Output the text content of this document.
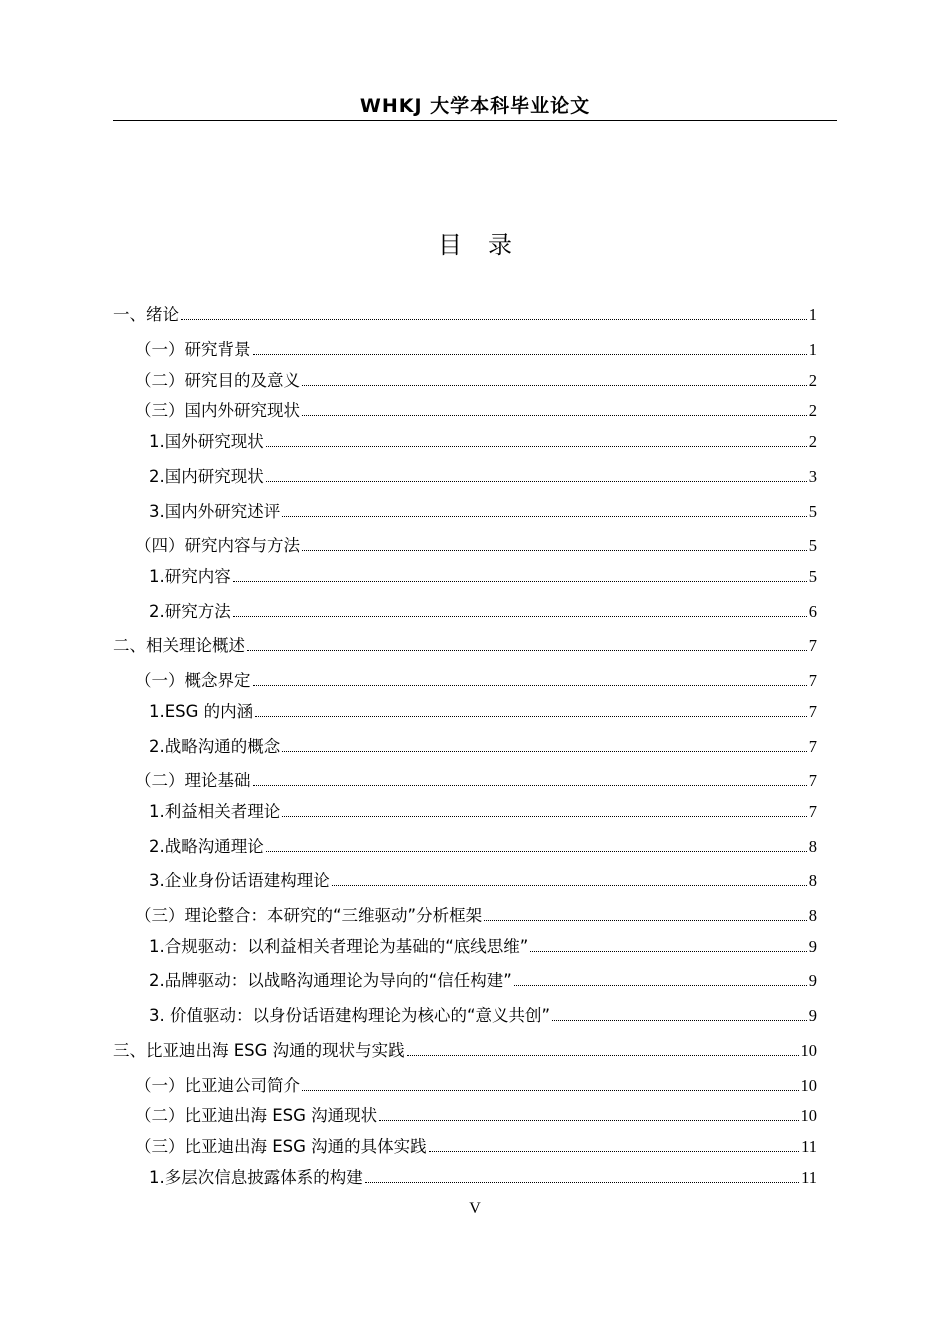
WHKJ 大学本科毕业论文
目录
一、绪论	1
（一）研究背景	1
（二）研究目的及意义	2
（三）国内外研究现状	2
1.国外研究现状	2
2.国内研究现状	3
3.国内外研究述评	5
（四）研究内容与方法	5
1.研究内容	5
2.研究方法	6
二、相关理论概述	7
（一）概念界定	7
1.ESG 的内涵	7
2.战略沟通的概念	7
（二）理论基础	7
1.利益相关者理论	7
2.战略沟通理论	8
3.企业身份话语建构理论	8
（三）理论整合：本研究的“三维驱动”分析框架	8
1.合规驱动：以利益相关者理论为基础的“底线思维”	9
2.品牌驱动：以战略沟通理论为导向的“信任构建”	9
3. 价值驱动：以身份话语建构理论为核心的“意义共创”	9
三、比亚迪出海 ESG 沟通的现状与实践	10
（一）比亚迪公司简介	10
（二）比亚迪出海 ESG 沟通现状	10
（三）比亚迪出海 ESG 沟通的具体实践	11
1.多层次信息披露体系的构建	11
V
